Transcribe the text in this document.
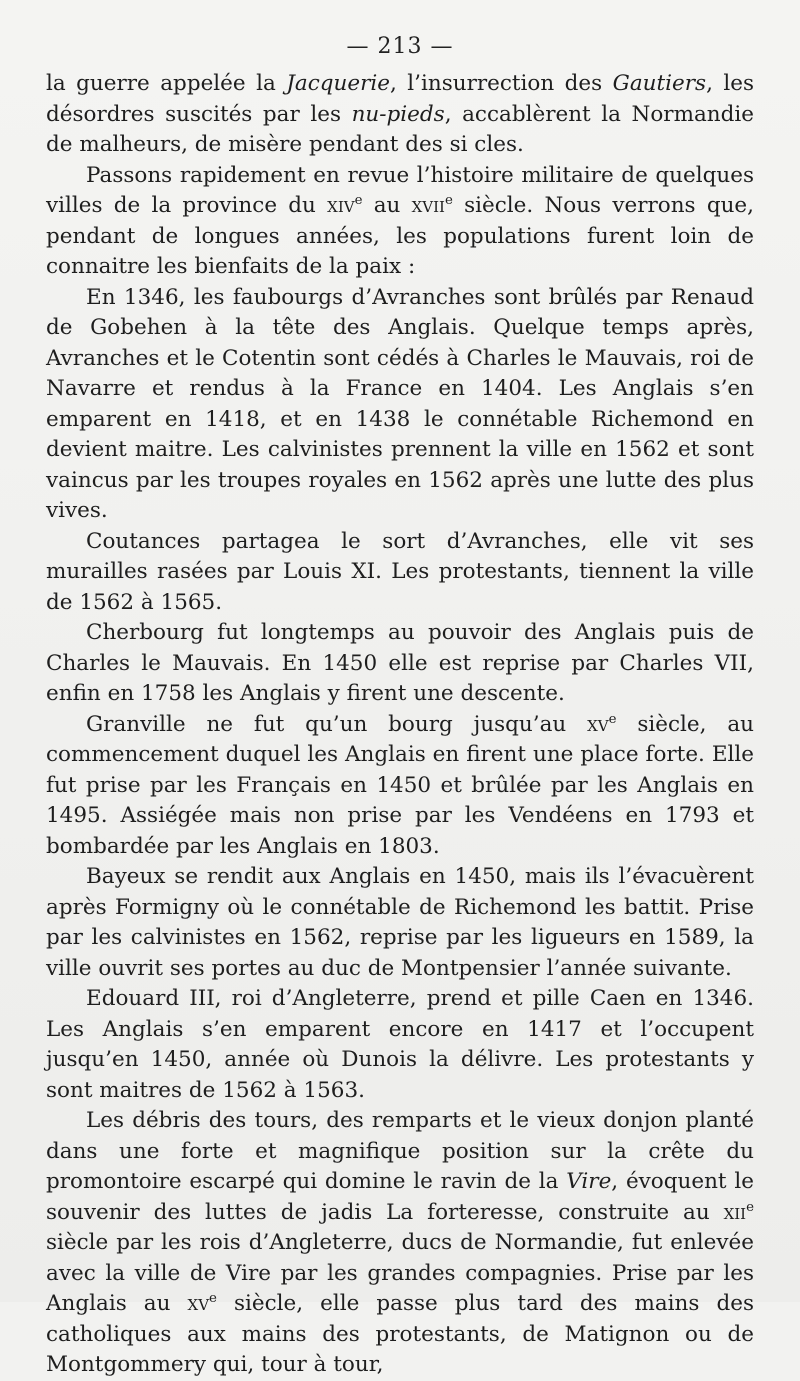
— 213 —

la guerre appelée la Jacquerie, l’insurrection des Gautiers, les désordres suscités par les nu-pieds, accablèrent la Normandie de malheurs, de misère pendant des si cles.

Passons rapidement en revue l’histoire militaire de quelques villes de la province du xiv$^e$ au xvii$^e$ siècle. Nous verrons que, pendant de longues années, les populations furent loin de connaitre les bienfaits de la paix :

En 1346, les faubourgs d’Avranches sont brûlés par Renaud de Gobehen à la tête des Anglais. Quelque temps après, Avranches et le Cotentin sont cédés à Charles le Mauvais, roi de Navarre et rendus à la France en 1404. Les Anglais s’en emparent en 1418, et en 1438 le connétable Richemond en devient maitre. Les calvinistes prennent la ville en 1562 et sont vaincus par les troupes royales en 1562 après une lutte des plus vives.

Coutances partagea le sort d’Avranches, elle vit ses murailles rasées par Louis XI. Les protestants, tiennent la ville de 1562 à 1565.

Cherbourg fut longtemps au pouvoir des Anglais puis de Charles le Mauvais. En 1450 elle est reprise par Charles VII, enfin en 1758 les Anglais y firent une descente.

Granville ne fut qu’un bourg jusqu’au $xv^e$ siècle, au commencement duquel les Anglais en firent une place forte. Elle fut prise par les Français en 1450 et brûlée par les Anglais en 1495. Assiégée mais non prise par les Vendéens en 1793 et bombardée par les Anglais en 1803.

Bayeux se rendit aux Anglais en 1450, mais ils l’évacuèrent après Formigny où le connétable de Richemond les battit. Prise par les calvinistes en 1562, reprise par les ligueurs en 1589, la ville ouvrit ses portes au duc de Montpensier l’année suivante.

Edouard III, roi d’Angleterre, prend et pille Caen en 1346. Les Anglais s’en emparent encore en 1417 et l’occupent jusqu’en 1450, année où Dunois la délivre. Les protestants y sont maitres de 1562 à 1563.

Les débris des tours, des remparts et le vieux donjon planté dans une forte et magnifique position sur la crête du promontoire escarpé qui domine le ravin de la Vire, évoquent le souvenir des luttes de jadis La forteresse, construite au xii$^e$ siècle par les rois d’Angleterre, ducs de Normandie, fut enlevée avec la ville de Vire par les grandes compagnies. Prise par les Anglais au $xv^e$ siècle, elle passe plus tard des mains des catholiques aux mains des protestants, de Matignon ou de Montgommery qui, tour à tour,
